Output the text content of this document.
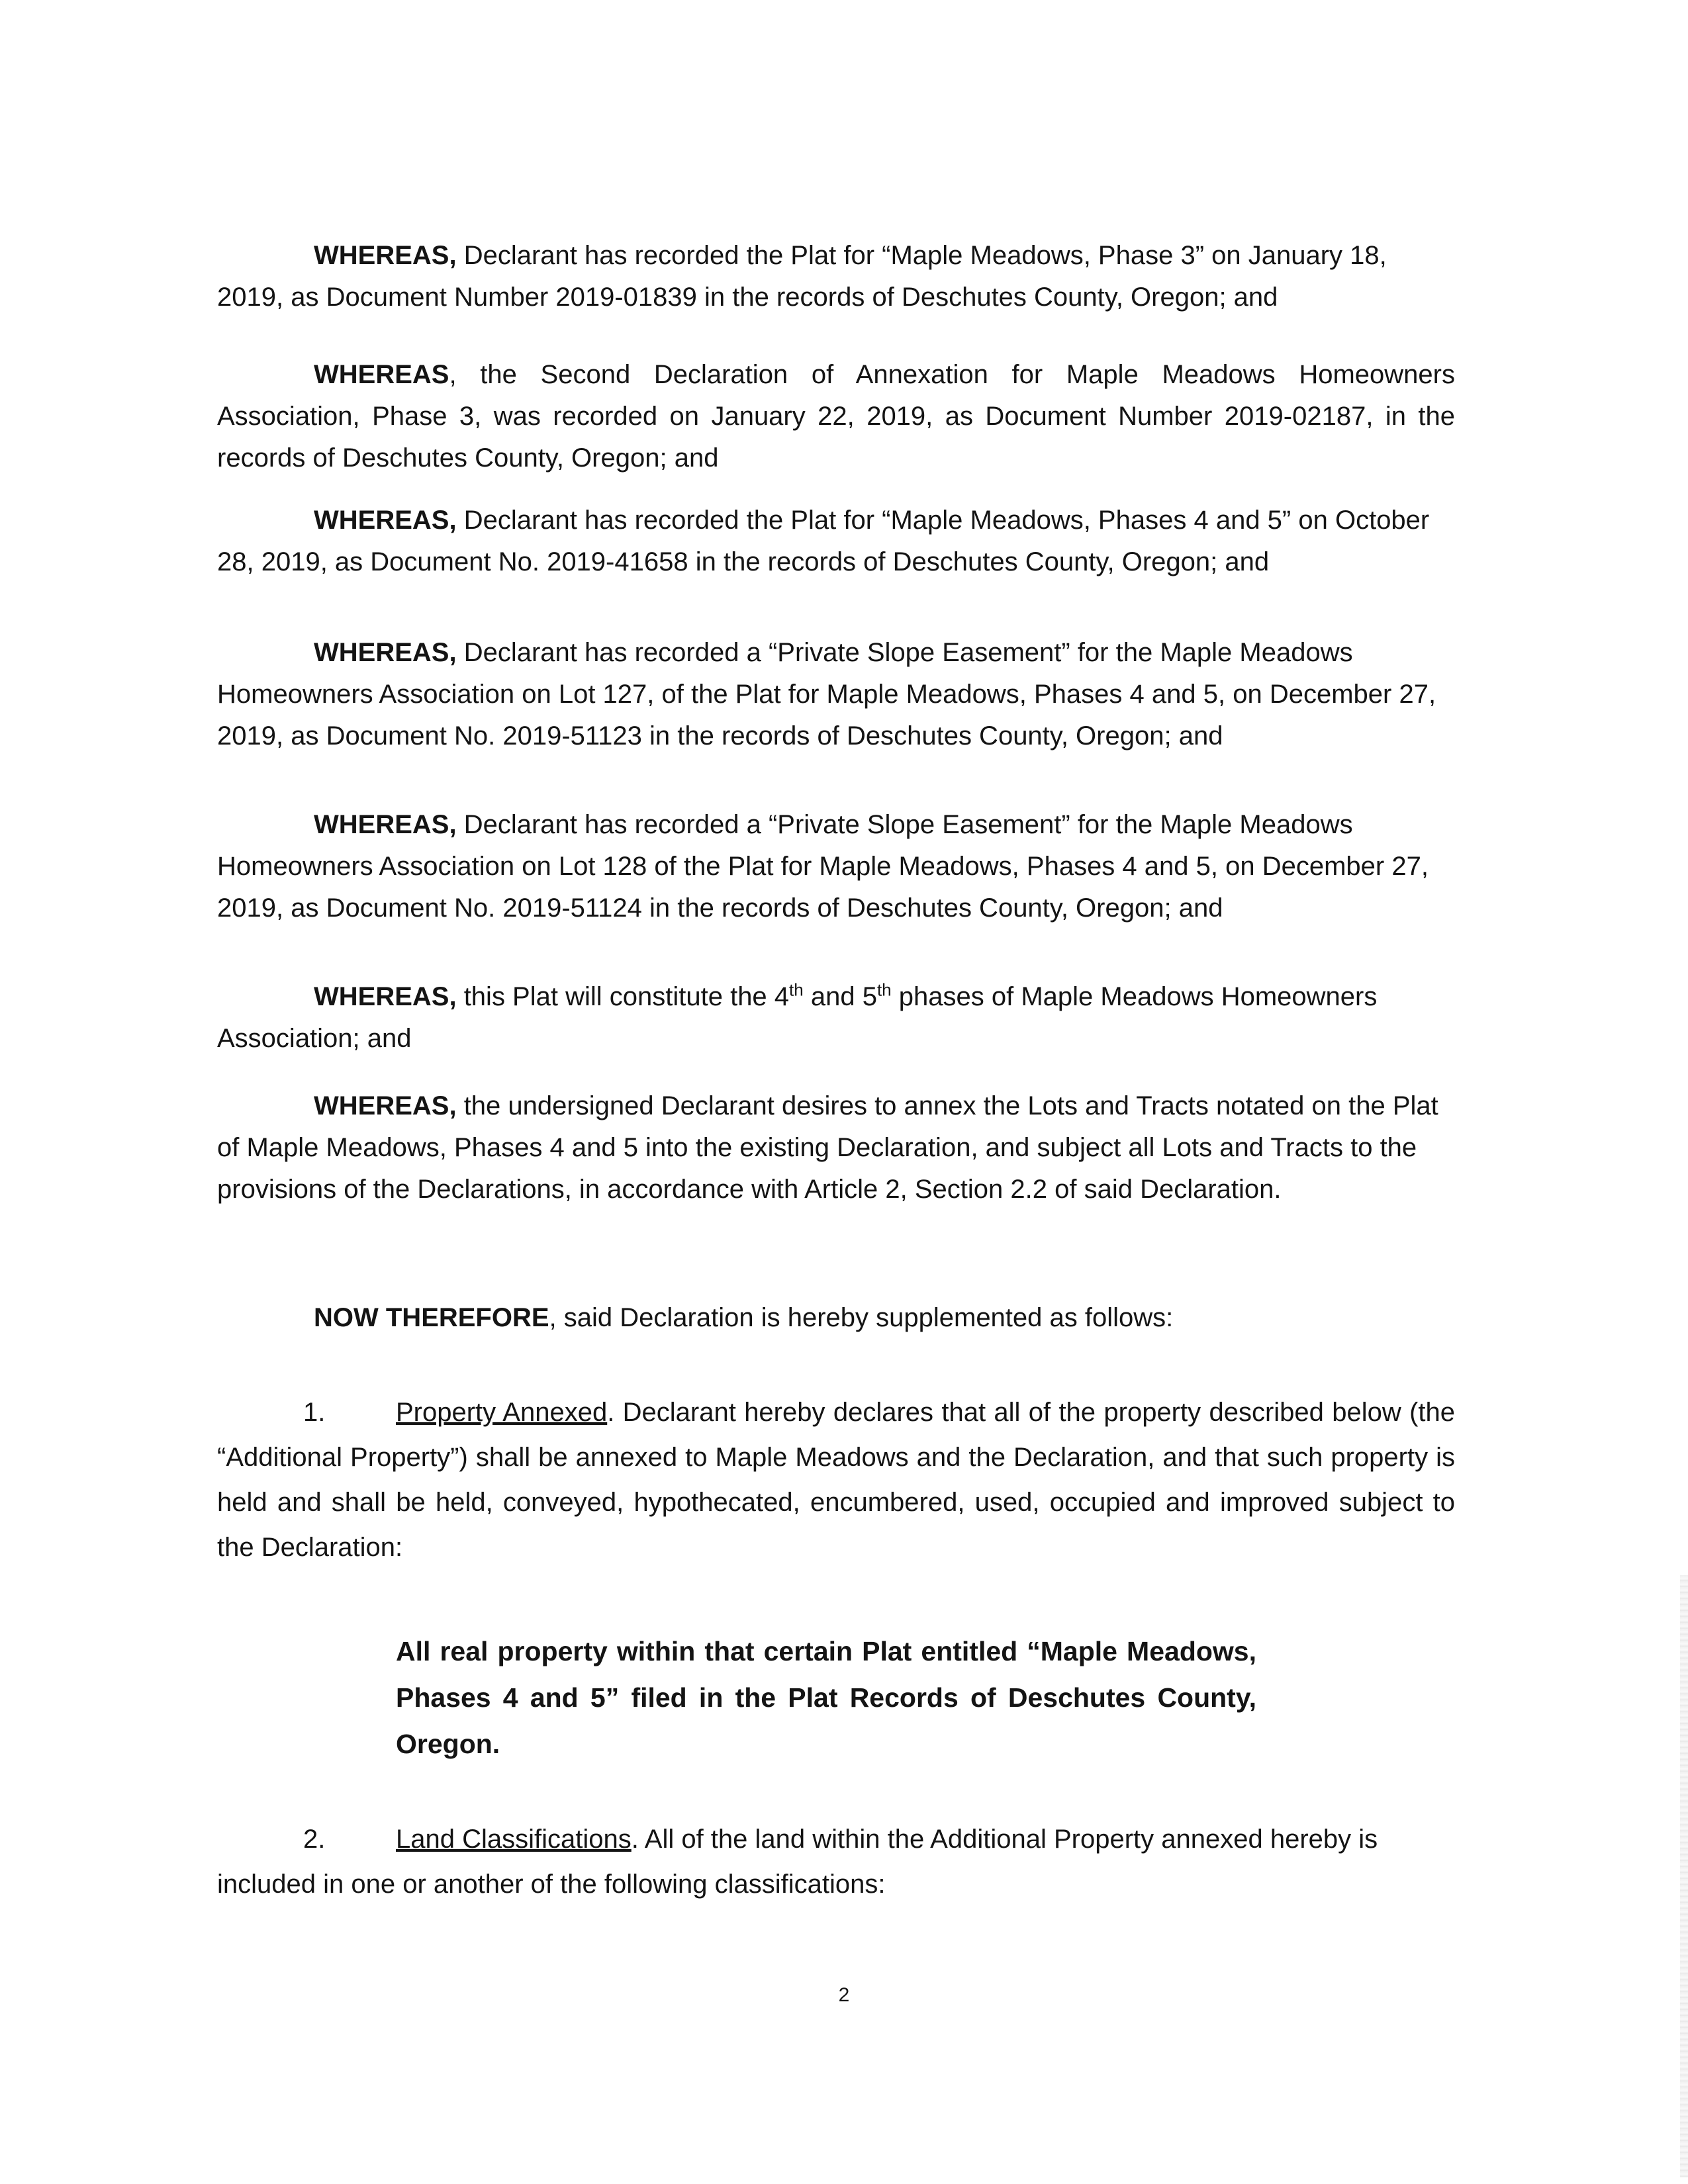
WHEREAS, Declarant has recorded the Plat for “Maple Meadows, Phase 3” on January 18, 2019, as Document Number 2019-01839 in the records of Deschutes County, Oregon; and

WHEREAS, the Second Declaration of Annexation for Maple Meadows Homeowners Association, Phase 3, was recorded on January 22, 2019, as Document Number 2019-02187, in the records of Deschutes County, Oregon; and

WHEREAS, Declarant has recorded the Plat for “Maple Meadows, Phases 4 and 5” on October 28, 2019, as Document No. 2019-41658 in the records of Deschutes County, Oregon; and

WHEREAS, Declarant has recorded a “Private Slope Easement” for the Maple Meadows Homeowners Association on Lot 127, of the Plat for Maple Meadows, Phases 4 and 5, on December 27, 2019, as Document No. 2019-51123 in the records of Deschutes County, Oregon; and

WHEREAS, Declarant has recorded a “Private Slope Easement” for the Maple Meadows Homeowners Association on Lot 128 of the Plat for Maple Meadows, Phases 4 and 5, on December 27, 2019, as Document No. 2019-51124 in the records of Deschutes County, Oregon; and

WHEREAS, this Plat will constitute the 4th and 5th phases of Maple Meadows Homeowners Association; and

WHEREAS, the undersigned Declarant desires to annex the Lots and Tracts notated on the Plat of Maple Meadows, Phases 4 and 5 into the existing Declaration, and subject all Lots and Tracts to the provisions of the Declarations, in accordance with Article 2, Section 2.2 of said Declaration.

NOW THEREFORE, said Declaration is hereby supplemented as follows:

1.	Property Annexed. Declarant hereby declares that all of the property described below (the “Additional Property”) shall be annexed to Maple Meadows and the Declaration, and that such property is held and shall be held, conveyed, hypothecated, encumbered, used, occupied and improved subject to the Declaration:

All real property within that certain Plat entitled “Maple Meadows, Phases 4 and 5” filed in the Plat Records of Deschutes County, Oregon.

2.	Land Classifications. All of the land within the Additional Property annexed hereby is included in one or another of the following classifications:

2
